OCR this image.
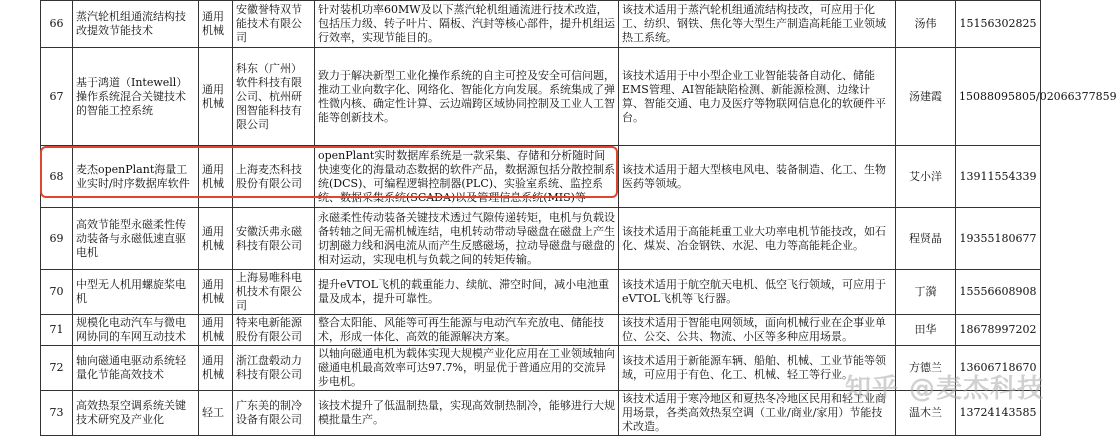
66	蒸汽轮机组通流结构技改提效节能技术	通用机械	安徽誉特双节能技术有限公司	针对装机功率60MW及以下蒸汽轮机组通流进行技术改造，包括压力级、转子叶片、隔板、汽封等核心部件，提升机组运行效率，实现节能目的。	该技术适用于蒸汽轮机组通流结构技改，可应用于化工、纺织、钢铁、焦化等大型生产制造高耗能工业领域热工系统。	汤伟	15156302825
67	基于鸿道（Intewell）操作系统混合关键技术的智能工控系统	通用机械	科东（广州）软件科技有限公司、杭州研图智能科技有限公司	致力于解决新型工业化操作系统的自主可控及安全可信问题，推动工业向数字化、网络化、智能化方向发展。系统集成了弹性微内核、确定性计算、云边端跨区域协同控制及工业人工智能等创新技术。	该技术适用于中小型企业工业智能装备自动化、储能EMS管理、AI智能缺陷检测、新能源检测、边缘计算、智能交通、电力及医疗等物联网信息化的软硬件平台。	汤建霞	15088095805/02066377859
68	麦杰openPlant海量工业实时/时序数据库软件	通用机械	上海麦杰科技股份有限公司	openPlant实时数据库系统是一款采集、存储和分析随时间快速变化的海量动态数据的软件产品，数据源包括分散控制系统(DCS)、可编程逻辑控制器(PLC)、实验室系统、监控系统、数据采集系统(SCADA)以及管理信息系统(MIS)等	该技术适用于超大型核电风电、装备制造、化工、生物医药等领域。	艾小洋	13911554339
69	高效节能型永磁柔性传动装备与永磁低速直驱电机	通用机械	安徽沃弗永磁科技有限公司	永磁柔性传动装备关键技术透过气隙传递转矩，电机与负载设备转轴之间无需机械连结，电机转动带动导磁盘在磁盘上产生切割磁力线和涡电流从而产生反感磁场，拉动导磁盘与磁盘的相对运动，实现电机与负载之间的转矩传输。	该技术适用于高能耗重工业大功率电机节能技改，如石化、煤炭、冶金钢铁、水泥、电力等高能耗企业。	程贤晶	19355180677
70	中型无人机用螺旋桨电机	通用机械	上海易唯科电机技术有限公司	提升eVTOL飞机的载重能力、续航、滞空时间，减小电池重量及成本，提升可靠性。	该技术适用于航空航天电机、低空飞行领域，可应用于eVTOL飞机等飞行器。	丁漪	15556608908
71	规模化电动汽车与微电网协同的车网互动技术	通用机械	特来电新能源股份有限公司	整合太阳能、风能等可再生能源与电动汽车充放电、储能技术，形成一体化、高效的能源解决方案。	该技术适用于智能电网领域，面向机械行业在企事业单位、公交、公共、物流、小区等多种应用场景。	田华	18678997202
72	轴向磁通电驱动系统轻量化节能高效技术	通用机械	浙江盘毂动力科技有限公司	以轴向磁通电机为载体实现大规模产业化应用在工业领域轴向磁通电机最高效率可达97.7%，明显优于普通应用的交流异步电机。	该技术适用于新能源车辆、船舶、机械、工业节能等领域，可应用于有色、化工、机械、轻工等行业。	方德兰	13606718670
73	高效热泵空调系统关键技术研究及产业化	轻工	广东美的制冷设备有限公司	该技术提升了低温制热量，实现高效制热制冷，能够进行大规模批量生产。	该技术适用于寒冷地区和夏热冬冷地区民用和轻工业商用场景，各类高效热泵空调（工业/商业/家用）节能技术改造。	温木兰	13724143585
知乎 @麦杰科技
